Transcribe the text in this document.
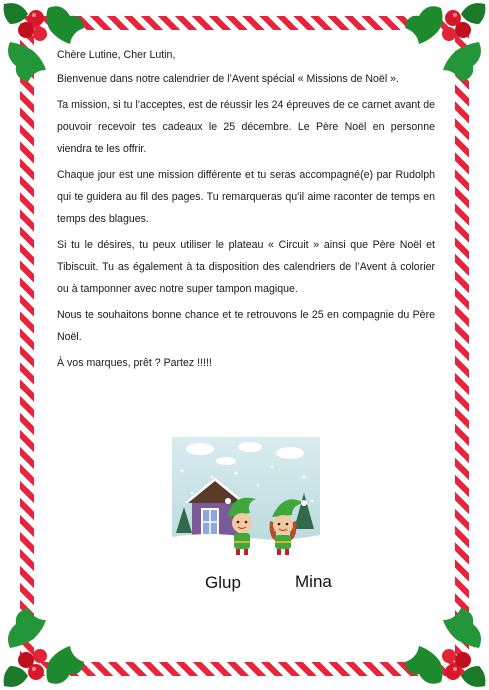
Chère Lutine, Cher Lutin,

Bienvenue dans notre calendrier de l’Avent spécial « Missions de Noël ».

Ta mission, si tu l’acceptes, est de réussir les 24 épreuves de ce carnet avant de pouvoir recevoir tes cadeaux le 25 décembre. Le Père Noël en personne viendra te les offrir.

Chaque jour est une mission différente et tu seras accompagné(e) par Rudolph qui te guidera au fil des pages. Tu remarqueras qu’il aime raconter de temps en temps des blagues.

Si tu le désires, tu peux utiliser le plateau « Circuit » ainsi que Père Noël et Tibiscuit. Tu as également à ta disposition des calendriers de l’Avent à colorier ou à tamponner avec notre super tampon magique.

Nous te souhaitons bonne chance et te retrouvons le 25 en compagnie du Père Noël.

À vos marques, prêt ? Partez !!!!!

Glup	Mina
